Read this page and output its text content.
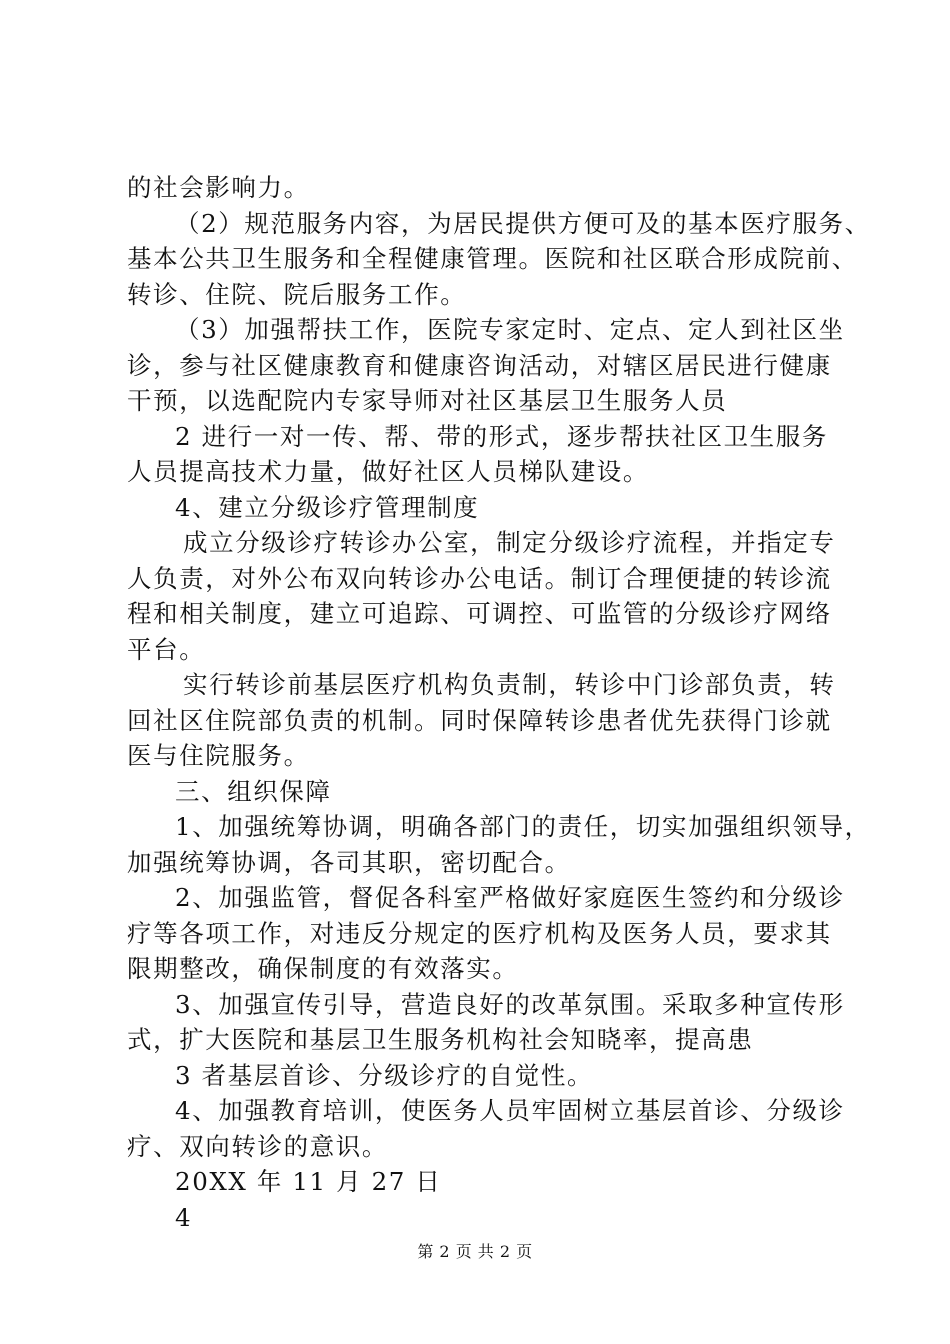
的社会影响力。
（2）规范服务内容，为居民提供方便可及的基本医疗服务、
基本公共卫生服务和全程健康管理。医院和社区联合形成院前、
转诊、住院、院后服务工作。
（3）加强帮扶工作，医院专家定时、定点、定人到社区坐
诊，参与社区健康教育和健康咨询活动，对辖区居民进行健康
干预，以选配院内专家导师对社区基层卫生服务人员
2 进行一对一传、帮、带的形式，逐步帮扶社区卫生服务
人员提高技术力量，做好社区人员梯队建设。
4、建立分级诊疗管理制度
成立分级诊疗转诊办公室，制定分级诊疗流程，并指定专
人负责，对外公布双向转诊办公电话。制订合理便捷的转诊流
程和相关制度，建立可追踪、可调控、可监管的分级诊疗网络
平台。
实行转诊前基层医疗机构负责制，转诊中门诊部负责，转
回社区住院部负责的机制。同时保障转诊患者优先获得门诊就
医与住院服务。
三、组织保障
1、加强统筹协调，明确各部门的责任，切实加强组织领导，
加强统筹协调，各司其职，密切配合。
2、加强监管，督促各科室严格做好家庭医生签约和分级诊
疗等各项工作，对违反分规定的医疗机构及医务人员，要求其
限期整改，确保制度的有效落实。
3、加强宣传引导，营造良好的改革氛围。采取多种宣传形
式，扩大医院和基层卫生服务机构社会知晓率，提高患
3 者基层首诊、分级诊疗的自觉性。
4、加强教育培训，使医务人员牢固树立基层首诊、分级诊
疗、双向转诊的意识。
20XX 年 11 月 27 日
4
第 2 页 共 2 页
